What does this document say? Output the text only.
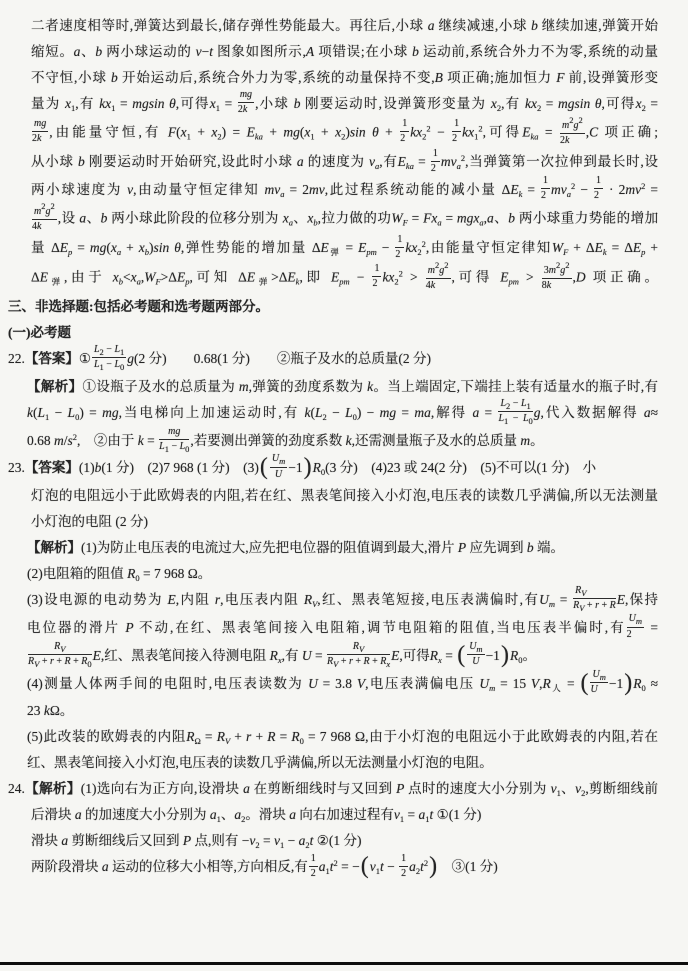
二者速度相等时,弹簧达到最长,储存弹性势能最大。再往后,小球 a 继续减速,小球 b 继续加速,弹簧开始
缩短。a、b 两小球运动的 v−t 图象如图所示,A 项错误;在小球 b 运动前,系统合外力不为零,系统的动量
不守恒,小球 b 开始运动后,系统合外力为零,系统的动量保持不变,B 项正确;施加恒力 F 前,设弹簧形变
量为 $x_1$,有 $kx_1 = mgsin$ θ,可得$x_1 = \frac{mg}{2k}$ ,小球 b 刚要运动时,设弹簧形变量为 $x_2$,有 $kx_2 = mgsin$ θ,可得$x_2$ =
$\frac{mg}{2k}$ ,由能量守恒,有 $F(x_1 + x_2) = E_{ka} + mg(x_1 + x_2)\sin$ $\theta + \frac{1}{2} kx_2^2 - \frac{1}{2} kx_1^2$,可得$E_{ka} = \frac{m^2g^2}{2k} ,C$ 项正确;
从小球 b 刚要运动时开始研究,设此时小球 a 的速度为 $v_a$,有$E_{ka} = \frac{1}{2} mv_a^2$,当弹簧第一次拉伸到最长时,设
两小球速度为 v,由动量守恒定律知 $mv_a = 2mv$,此过程系统动能的减小量 $\Delta E_k = \frac{1}{2} mv_a^2 - \frac{1}{2} \cdot 2mv^2$ =
$\frac{m^2g^2}{4k}$ ,设 a、b 两小球此阶段的位移分别为 $x_a$、$x_b$,拉力做的功$W_F = Fx_a = mgx_a,a$、b 两小球重力势能的增加
量 $\Delta E_p = mg(x_a + x_b)\sin$ θ,弹性势能的增加量 $\Delta E_弹 = E_{pm} - \frac{1}{2} kx_2^2$,由能量守恒定律知$W_F + \Delta E_k = \Delta E_p$ +
$\Delta E_弹$,由于 $x_b<x_a,W_F>\Delta E_p$,可知 $\Delta E_弹>\Delta E_k$,即 $E_{pm} - \frac{1}{2} kx_2^2 > \frac{m^2g^2}{4k}$ ,可得 $E_{pm} > \frac{3m^2g^2}{8k} ,D$ 项正确。
三、非选择题:包括必考题和选考题两部分。
(一)必考题
22.【答案】① $\frac{L_2 - L_1}{L_1 - L_0} g(2$ 分)　　0.68(1 分)　　②瓶子及水的总质量(2 分)
【解析】①设瓶子及水的总质量为 m,弹簧的劲度系数为 k。当上端固定,下端挂上装有适量水的瓶子时,有
$k(L_1 - L_0)$ = mg,当电梯向上加速运动时,有 $k(L_2 - L_0)$ − mg = ma,解得 $a = \frac{L_2 - L_1}{L_1 - L_0} g$,代入数据解得 a≈
0.68 $m/s^2$,　②由于 $k = \frac{mg}{L_1 - L_0}$ ,若要测出弹簧的劲度系数 k,还需测量瓶子及水的总质量 m。
23.【答案】(1)b(1 分)　(2)7 968 (1 分)　$(3)( \frac{U_m}{U} -1)R_0(3$ 分)　(4)23 或 24(2 分)　(5)不可以(1 分)　小
灯泡的电阻远小于此欧姆表的内阻,若在红、黑表笔间接入小灯泡,电压表的读数几乎满偏,所以无法测量
小灯泡的电阻 (2 分)
【解析】(1)为防止电压表的电流过大,应先把电位器的阻值调到最大,滑片 P 应先调到 b 端。
(2)电阻箱的阻值 $R_0 = 7$ 968 Ω。
(3)设电源的电动势为 E,内阻 r,电压表内阻 $R_V$,红、黑表笔短接,电压表满偏时,有$U_m = \frac{R_V}{R_V + r + R} E$,保持
电位器的滑片 P 不动,在红、黑表笔间接入电阻箱,调节电阻箱的阻值,当电压表半偏时,有 $\frac{U_m}{2}$ =
$\frac{R_V}{R_V + r + R + R_0} E$,红、黑表笔间接入待测电阻 $R_x$,有 $U = \frac{R_V}{R_V + r + R + R_x} E$,可得$R_x$ = ( $\frac{U_m}{U} -1)R_0$。
(4)测量人体两手间的电阻时,电压表读数为 U = 3.8 V,电压表满偏电压 $U_m = 15$ $V,R_人$ = ( $\frac{U_m}{U} -1)R_0$ ≈
23 kΩ。
(5)此改装的欧姆表的内阻$R_\Omega = R_V + r + R = R_0 = 7$ 968 Ω,由于小灯泡的电阻远小于此欧姆表的内阻,若在
红、黑表笔间接入小灯泡,电压表的读数几乎满偏,所以无法测量小灯泡的电阻。
24.【解析】(1)选向右为正方向,设滑块 a 在剪断细线时与又回到 P 点时的速度大小分别为 $v_1$、$v_2$,剪断细线前
后滑块 a 的加速度大小分别为 $a_1$、$a_2$。滑块 a 向右加速过程有$v_1 = a_1t$ ①(1 分)
滑块 a 剪断细线后又回到 P 点,则有 $-v_2 = v_1 - a_2t$ ②(1 分)
两阶段滑块 a 运动的位移大小相等,方向相反,有 $\frac{1}{2} a_1t^2 = -(v_1t - \frac{1}{2} a_2t^2)$　③(1 分)
